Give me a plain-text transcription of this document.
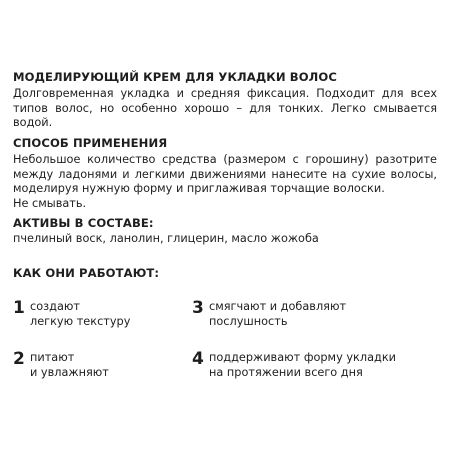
МОДЕЛИРУЮЩИЙ КРЕМ ДЛЯ УКЛАДКИ ВОЛОС

Долговременная укладка и средняя фиксация. Подходит для всех типов волос, но особенно хорошо – для тонких. Легко смывается водой.

СПОСОБ ПРИМЕНЕНИЯ

Небольшое количество средства (размером с горошину) разотрите между ладонями и легкими движениями нанесите на сухие волосы, моделируя нужную форму и приглаживая торчащие волоски.

Не смывать.

АКТИВЫ В СОСТАВЕ:

пчелиный воск, ланолин, глицерин, масло жожоба

КАК ОНИ РАБОТАЮТ:
1 создают
легкую текстуру
2 питают
и увлажняют
3 смягчают и добавляют
послушность
4 поддерживают форму укладки
на протяжении всего дня
